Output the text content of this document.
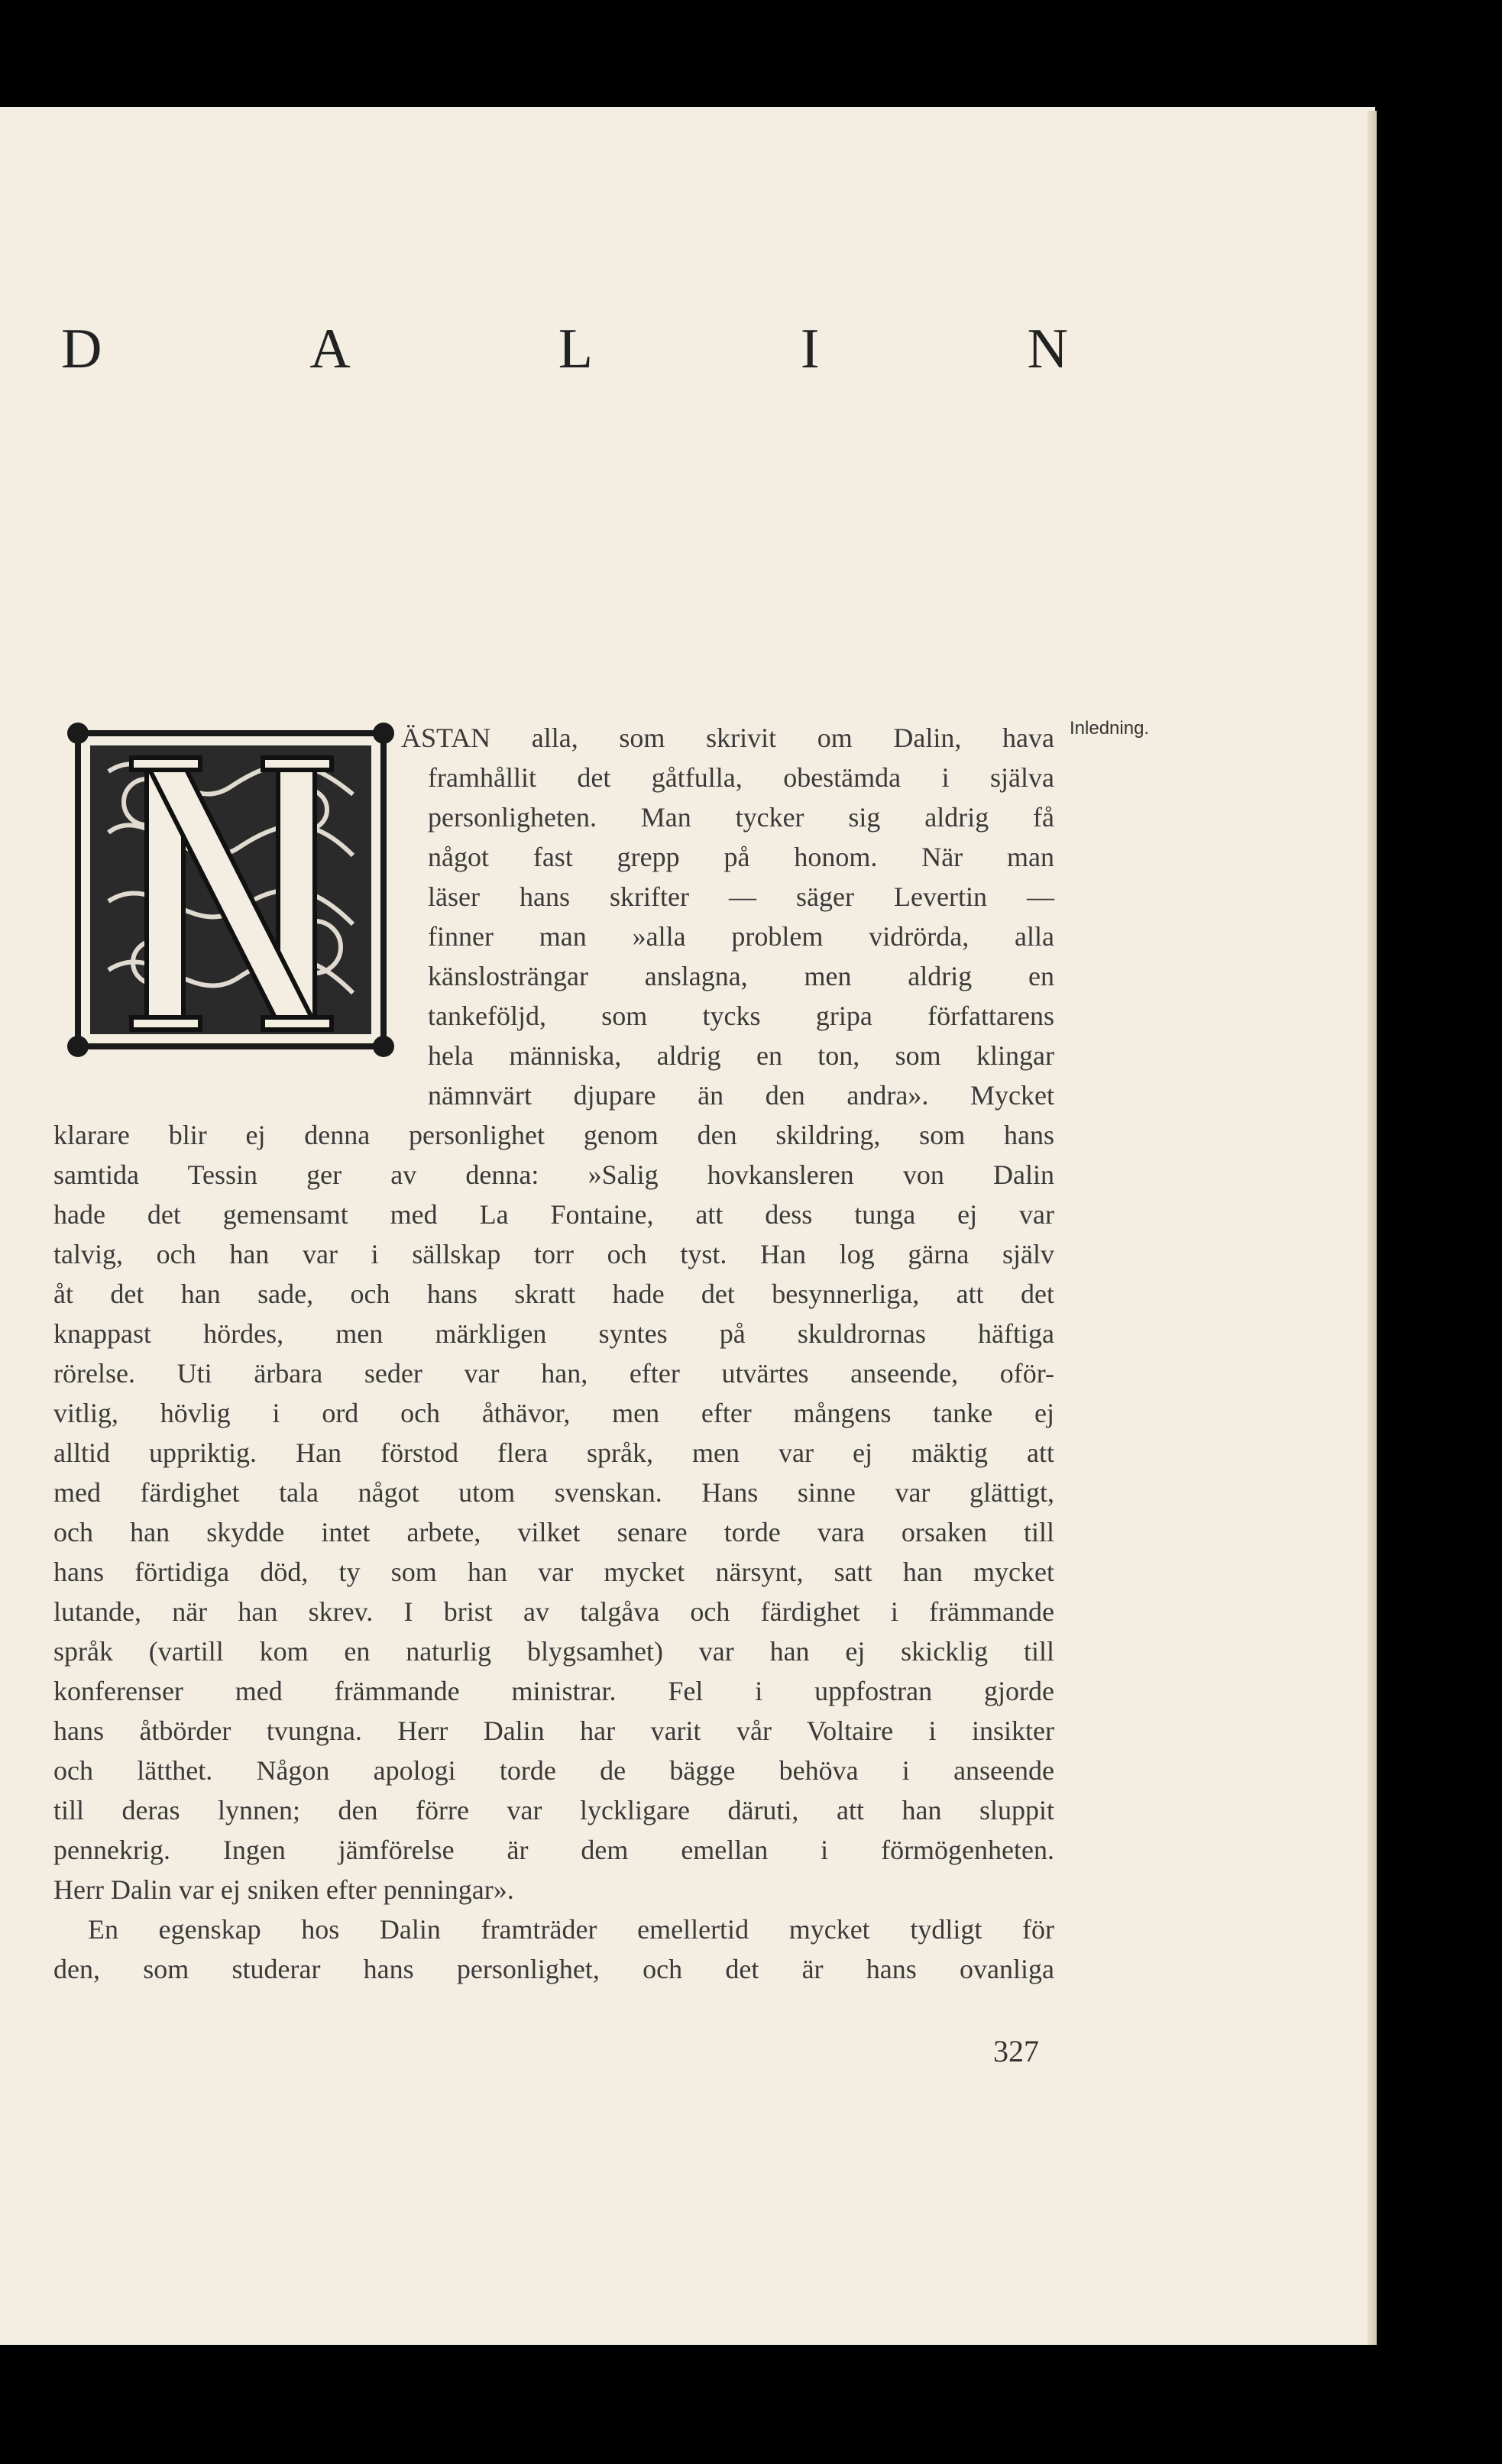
D	A	L	I	N
Inledning.
ÄSTAN alla, som skrivit om Dalin, hava
framhållit det gåtfulla, obestämda i själva
personligheten. Man tycker sig aldrig få
något fast grepp på honom. När man
läser hans skrifter — säger Levertin —
finner man »alla problem vidrörda, alla
känslosträngar anslagna, men aldrig en
tankeföljd, som tycks gripa författarens
hela människa, aldrig en ton, som klingar
nämnvärt djupare än den andra». Mycket
klarare blir ej denna personlighet genom den skildring, som hans
samtida Tessin ger av denna: »Salig hovkansleren von Dalin
hade det gemensamt med La Fontaine, att dess tunga ej var
talvig, och han var i sällskap torr och tyst. Han log gärna själv
åt det han sade, och hans skratt hade det besynnerliga, att det
knappast hördes, men märkligen syntes på skuldrornas häftiga
rörelse. Uti ärbara seder var han, efter utvärtes anseende, oför-
vitlig, hövlig i ord och åthävor, men efter mångens tanke ej
alltid uppriktig. Han förstod flera språk, men var ej mäktig att
med färdighet tala något utom svenskan. Hans sinne var glättigt,
och han skydde intet arbete, vilket senare torde vara orsaken till
hans förtidiga död, ty som han var mycket närsynt, satt han mycket
lutande, när han skrev. I brist av talgåva och färdighet i främmande
språk (vartill kom en naturlig blygsamhet) var han ej skicklig till
konferenser med främmande ministrar. Fel i uppfostran gjorde
hans åtbörder tvungna. Herr Dalin har varit vår Voltaire i insikter
och lätthet. Någon apologi torde de bägge behöva i anseende
till deras lynnen; den förre var lyckligare däruti, att han sluppit
pennekrig. Ingen jämförelse är dem emellan i förmögenheten.
Herr Dalin var ej sniken efter penningar».
En egenskap hos Dalin framträder emellertid mycket tydligt för
den, som studerar hans personlighet, och det är hans ovanliga
327
